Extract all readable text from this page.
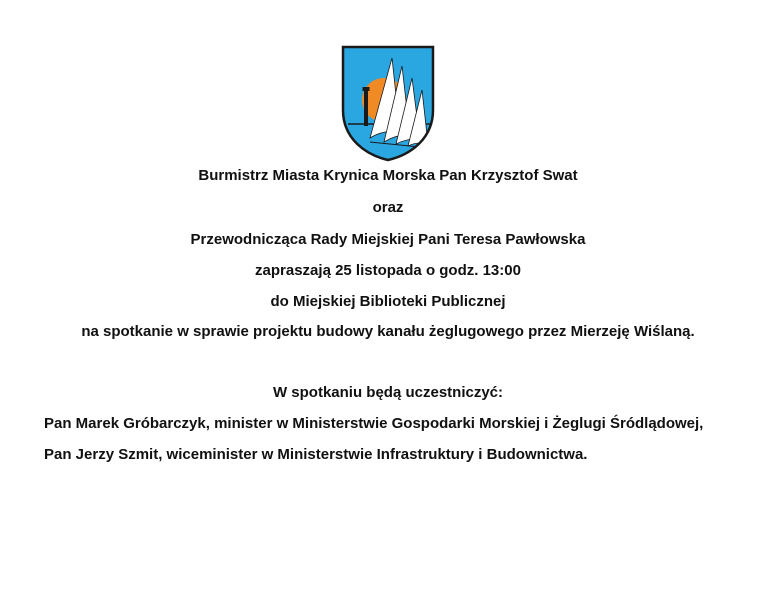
Burmistrz Miasta Krynica Morska Pan Krzysztof Swat
oraz
Przewodnicząca Rady Miejskiej Pani Teresa Pawłowska
zapraszają 25 listopada o godz. 13:00
do Miejskiej Biblioteki Publicznej
na spotkanie w sprawie projektu budowy kanału żeglugowego przez Mierzeję Wiślaną.
W spotkaniu będą uczestniczyć:
Pan Marek Gróbarczyk, minister w Ministerstwie Gospodarki Morskiej i Żeglugi Śródlądowej,
Pan Jerzy Szmit, wiceminister w Ministerstwie Infrastruktury i Budownictwa.
